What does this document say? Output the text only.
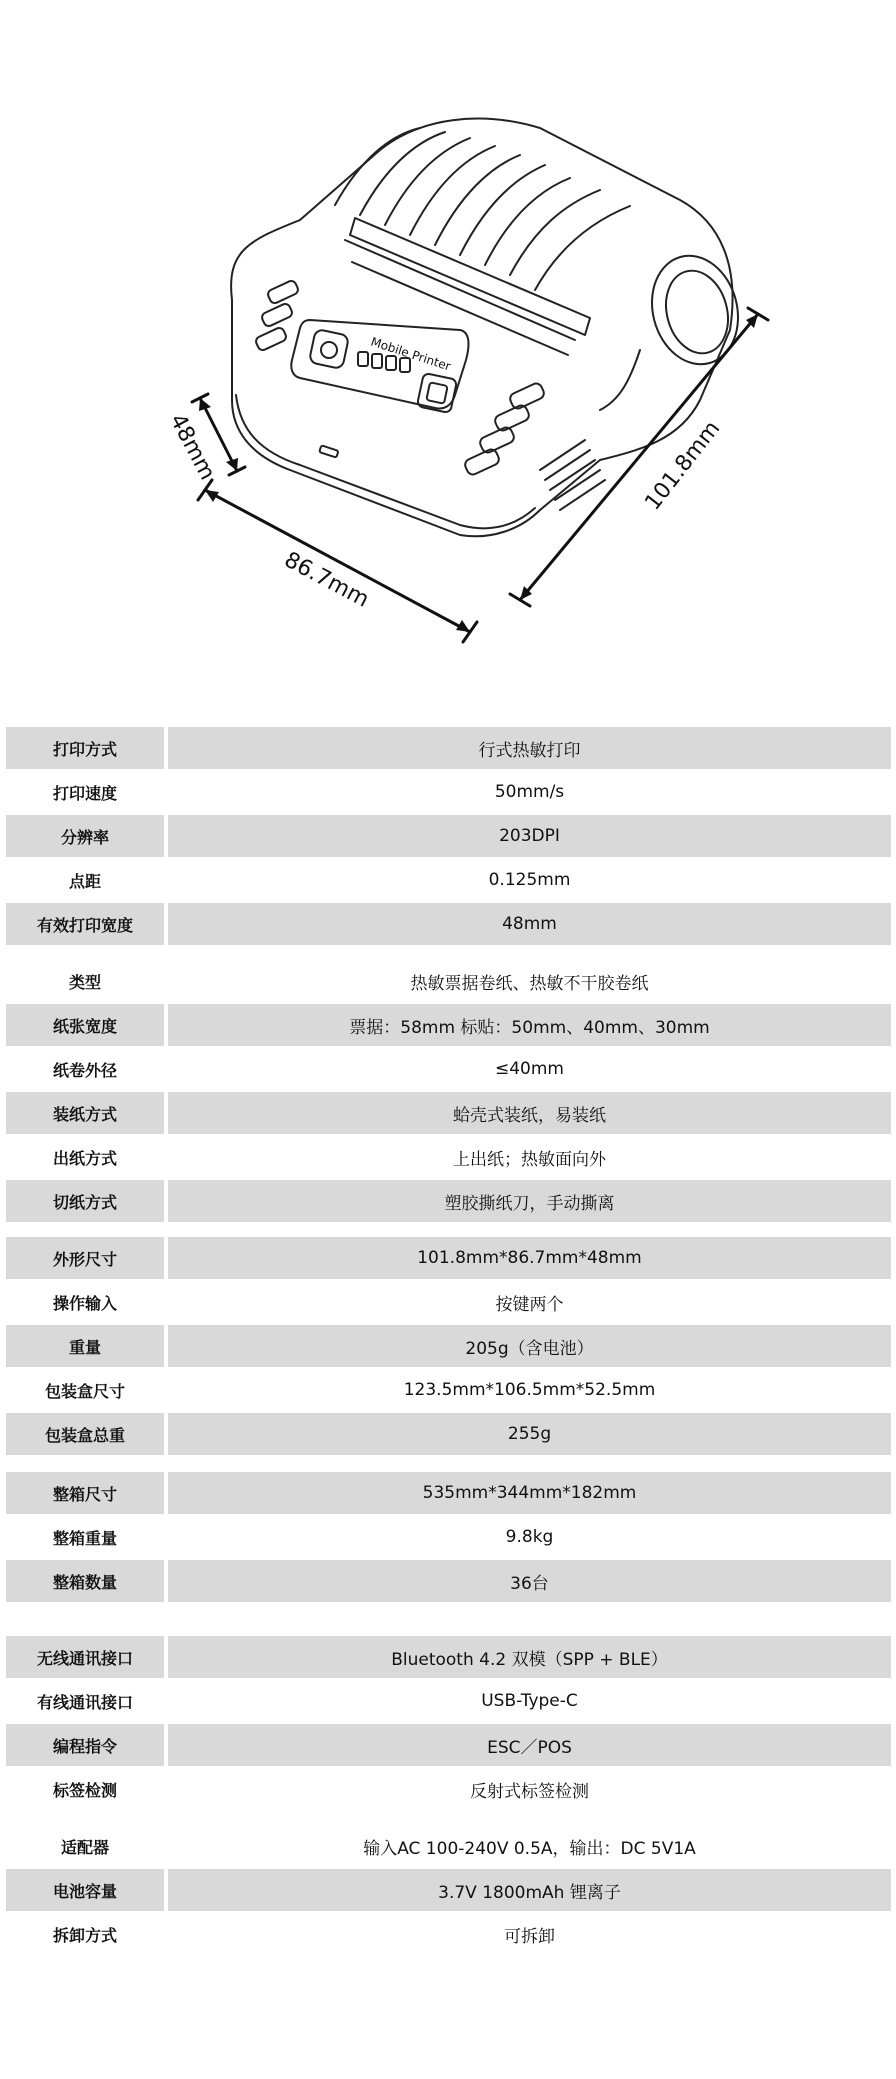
Mobile Printer
48mm
86.7mm
101.8mm
打印方式	行式热敏打印
打印速度	50mm/s
分辨率	203DPI
点距	0.125mm
有效打印宽度	48mm
类型	热敏票据卷纸、热敏不干胶卷纸
纸张宽度	票据：58mm 标贴：50mm、40mm、30mm
纸卷外径	≤40mm
装纸方式	蛤壳式装纸，易装纸
出纸方式	上出纸；热敏面向外
切纸方式	塑胶撕纸刀，手动撕离
外形尺寸	101.8mm*86.7mm*48mm
操作输入	按键两个
重量	205g（含电池）
包装盒尺寸	123.5mm*106.5mm*52.5mm
包装盒总重	255g
整箱尺寸	535mm*344mm*182mm
整箱重量	9.8kg
整箱数量	36台
无线通讯接口	Bluetooth 4.2 双模（SPP + BLE）
有线通讯接口	USB-Type-C
编程指令	ESC／POS
标签检测	反射式标签检测
适配器	输入AC 100-240V 0.5A，输出：DC 5V1A
电池容量	3.7V 1800mAh 锂离子
拆卸方式	可拆卸
